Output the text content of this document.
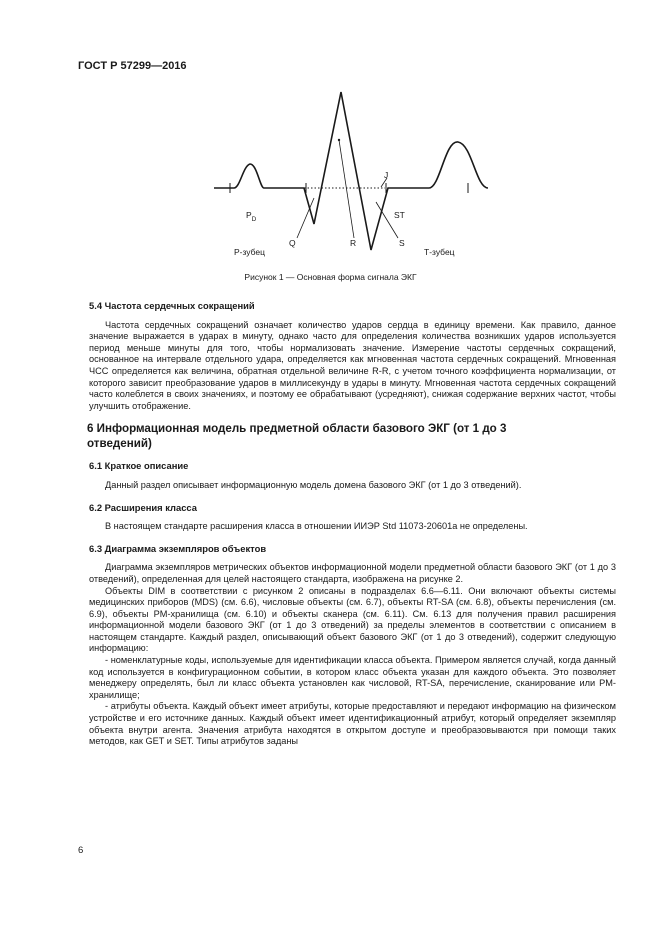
ГОСТ Р 57299—2016
$P_D$
Р-зубец
Q	R	S
J
ST
Т-зубец
Рисунок 1 — Основная форма сигнала ЭКГ
5.4 Частота сердечных сокращений

Частота сердечных сокращений означает количество ударов сердца в единицу времени. Как правило, данное значение выражается в ударах в минуту, однако часто для определения количества возникших ударов используется период меньше минуты для того, чтобы нормализовать значение. Измерение частоты сердечных сокращений, основанное на интервале отдельного удара, определяется как мгновенная частота сердечных сокращений. Мгновенная ЧСС определяется как величина, обратная отдельной величине R-R, с учетом точного коэффициента нормализации, от которого зависит преобразование ударов в миллисекунду в удары в минуту. Мгновенная частота сердечных сокращений часто колеблется в своих значениях, и поэтому ее обрабатывают (усредняют), снижая содержание верхних частот, чтобы улучшить отображение.

6 Информационная модель предметной области базового ЭКГ (от 1 до 3 отведений)
6.1 Краткое описание

Данный раздел описывает информационную модель домена базового ЭКГ (от 1 до 3 отведений).

6.2 Расширения класса

В настоящем стандарте расширения класса в отношении ИИЭР Std 11073-20601а не определены.

6.3 Диаграмма экземпляров объектов

Диаграмма экземпляров метрических объектов информационной модели предметной области базового ЭКГ (от 1 до 3 отведений), определенная для целей настоящего стандарта, изображена на рисунке 2.

Объекты DIM в соответствии с рисунком 2 описаны в подразделах 6.6—6.11. Они включают объекты системы медицинских приборов (MDS) (см. 6.6), числовые объекты (см. 6.7), объекты RT-SA (см. 6.8), объекты перечисления (см. 6.9), объекты PM-хранилища (см. 6.10) и объекты сканера (см. 6.11). См. 6.13 для получения правил расширения информационной модели базового ЭКГ (от 1 до 3 отведений) за пределы элементов в соответствии с описанием в настоящем стандарте. Каждый раздел, описывающий объект базового ЭКГ (от 1 до 3 отведений), содержит следующую информацию:

- номенклатурные коды, используемые для идентификации класса объекта. Примером является случай, когда данный код используется в конфигурационном событии, в котором класс объекта указан для каждого объекта. Это позволяет менеджеру определять, был ли класс объекта установлен как числовой, RT-SA, перечисление, сканирование или PM-хранилище;

- атрибуты объекта. Каждый объект имеет атрибуты, которые предоставляют и передают информацию на физическом устройстве и его источнике данных. Каждый объект имеет идентификационный атрибут, который определяет экземпляр объекта внутри агента. Значения атрибута находятся в открытом доступе и преобразовываются при помощи таких методов, как GET и SET. Типы атрибутов заданы

6
